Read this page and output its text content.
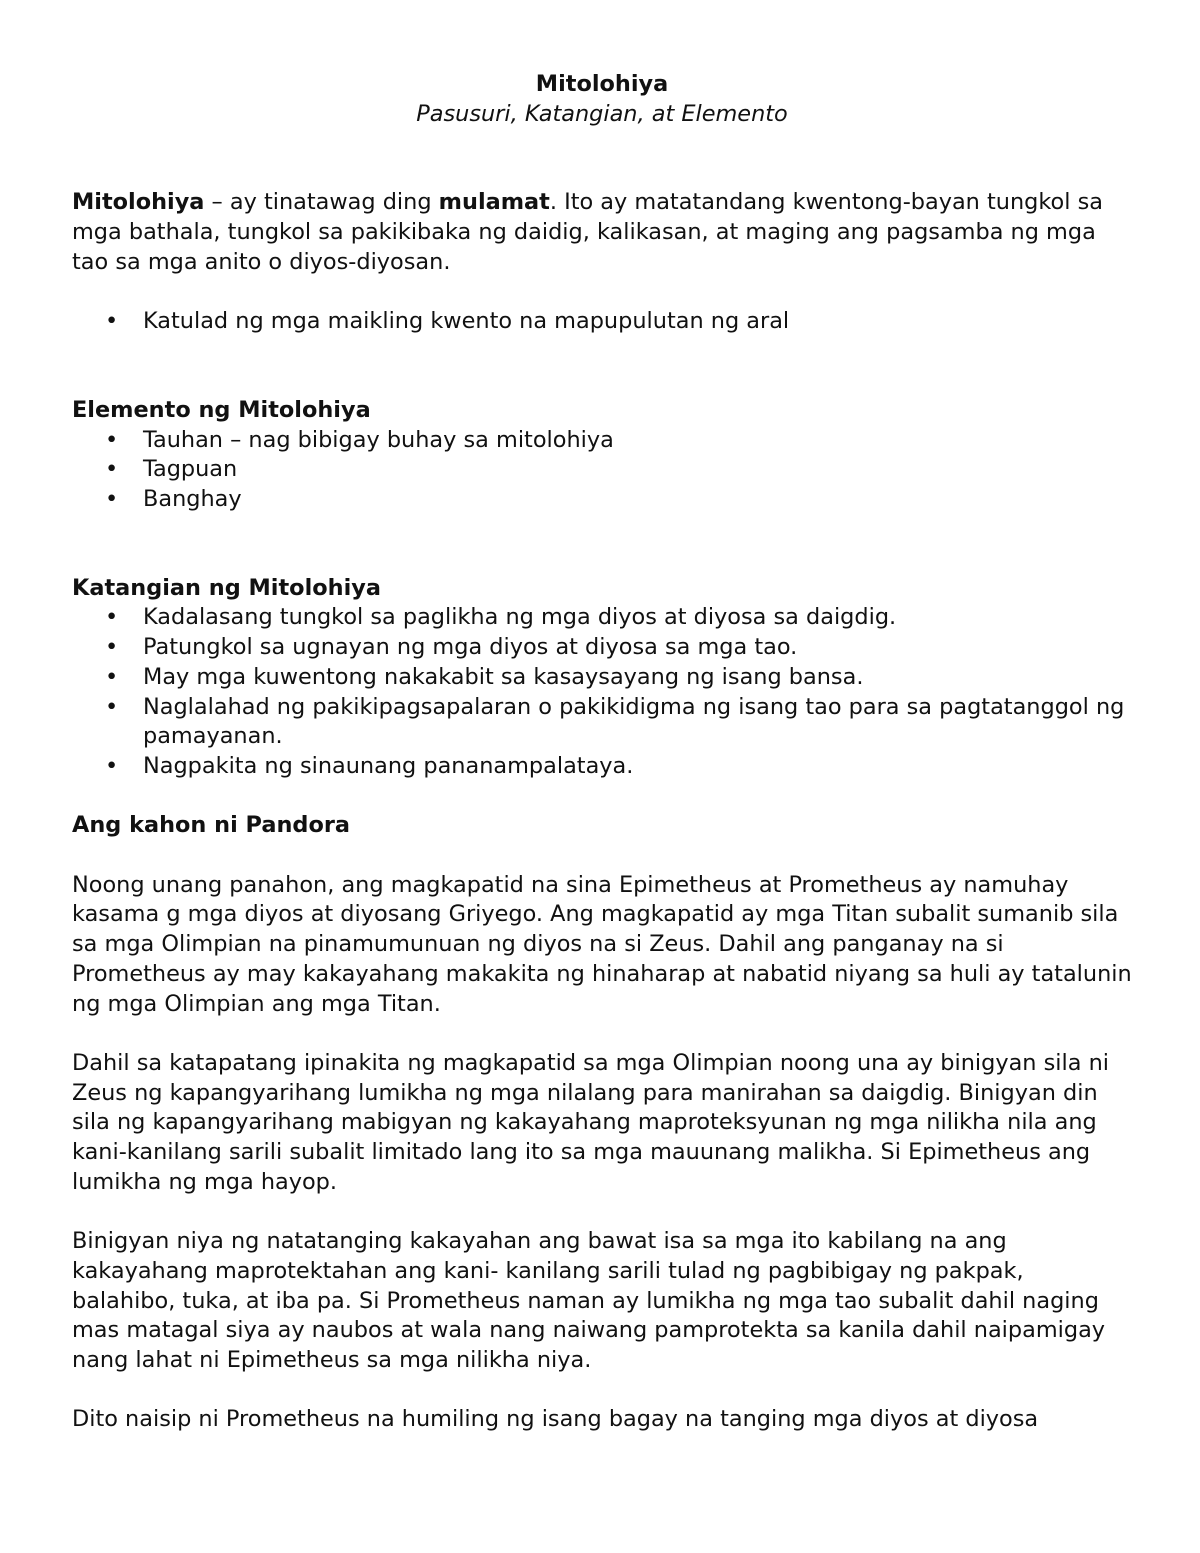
Mitolohiya

Pasusuri, Katangian, at Elemento

Mitolohiya – ay tinatawag ding mulamat. Ito ay matatandang kwentong-bayan tungkol sa mga bathala, tungkol sa pakikibaka ng daidig, kalikasan, at maging ang pagsamba ng mga tao sa mga anito o diyos-diyosan.

• Katulad ng mga maikling kwento na mapupulutan ng aral

Elemento ng Mitolohiya

• Tauhan – nag bibigay buhay sa mitolohiya
• Tagpuan
• Banghay

Katangian ng Mitolohiya

• Kadalasang tungkol sa paglikha ng mga diyos at diyosa sa daigdig.
• Patungkol sa ugnayan ng mga diyos at diyosa sa mga tao.
• May mga kuwentong nakakabit sa kasaysayang ng isang bansa.
• Naglalahad ng pakikipagsapalaran o pakikidigma ng isang tao para sa pagtatanggol ng pamayanan.
• Nagpakita ng sinaunang pananampalataya.

Ang kahon ni Pandora

Noong unang panahon, ang magkapatid na sina Epimetheus at Prometheus ay namuhay kasama g mga diyos at diyosang Griyego. Ang magkapatid ay mga Titan subalit sumanib sila sa mga Olimpian na pinamumunuan ng diyos na si Zeus. Dahil ang panganay na si Prometheus ay may kakayahang makakita ng hinaharap at nabatid niyang sa huli ay tatalunin ng mga Olimpian ang mga Titan.

Dahil sa katapatang ipinakita ng magkapatid sa mga Olimpian noong una ay binigyan sila ni Zeus ng kapangyarihang lumikha ng mga nilalang para manirahan sa daigdig. Binigyan din sila ng kapangyarihang mabigyan ng kakayahang maproteksyunan ng mga nilikha nila ang kani-kanilang sarili subalit limitado lang ito sa mga mauunang malikha. Si Epimetheus ang lumikha ng mga hayop.

Binigyan niya ng natatanging kakayahan ang bawat isa sa mga ito kabilang na ang kakayahang maprotektahan ang kani- kanilang sarili tulad ng pagbibigay ng pakpak, balahibo, tuka, at iba pa. Si Prometheus naman ay lumikha ng mga tao subalit dahil naging mas matagal siya ay naubos at wala nang naiwang pamprotekta sa kanila dahil naipamigay nang lahat ni Epimetheus sa mga nilikha niya.

Dito naisip ni Prometheus na humiling ng isang bagay na tanging mga diyos at diyosa
